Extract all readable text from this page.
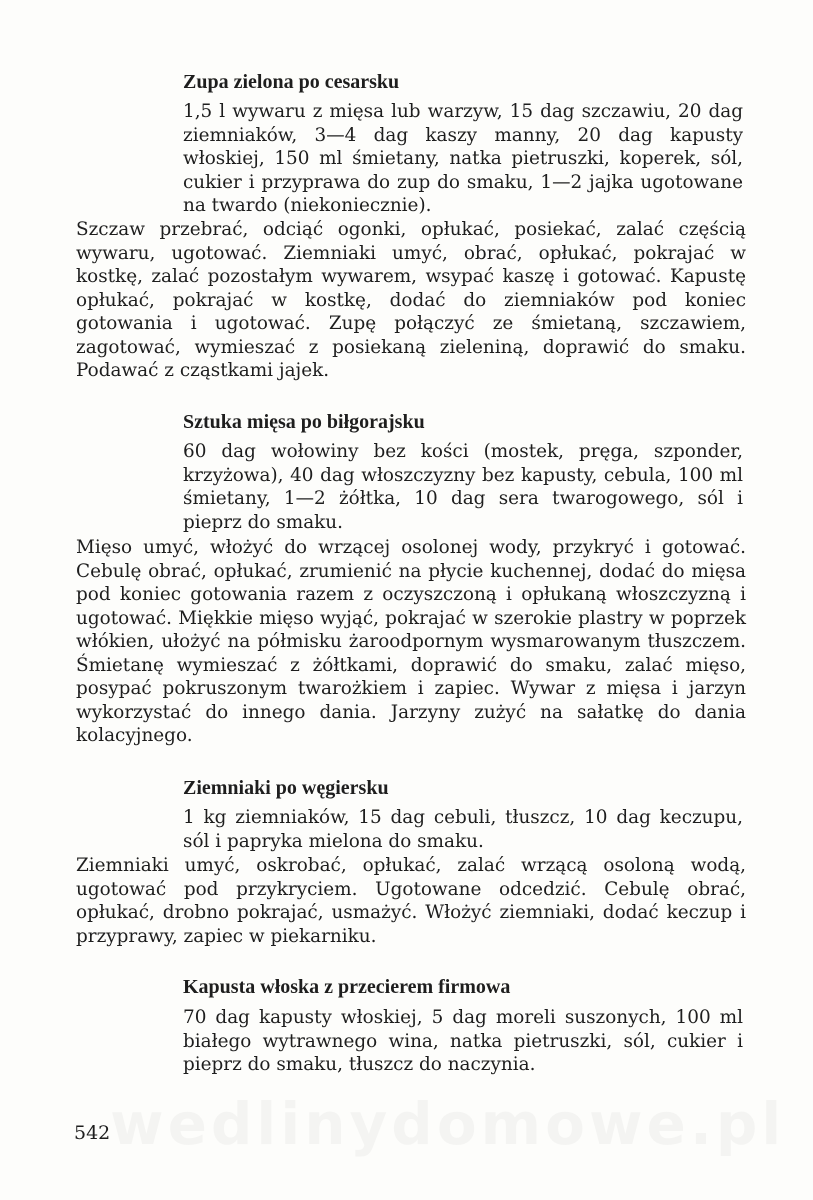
Zupa zielona po cesarsku

1,5 l wywaru z mięsa lub warzyw, 15 dag szczawiu, 20 dag ziemniaków, 3—4 dag kaszy manny, 20 dag kapusty włoskiej, 150 ml śmietany, natka pietruszki, koperek, sól, cukier i przyprawa do zup do smaku, 1—2 jajka ugotowane na twardo (niekoniecznie).

Szczaw przebrać, odciąć ogonki, opłukać, posiekać, zalać częścią wywaru, ugotować. Ziemniaki umyć, obrać, opłukać, pokrajać w kostkę, zalać pozostałym wywarem, wsypać kaszę i gotować. Kapustę opłukać, pokrajać w kostkę, dodać do ziemniaków pod koniec gotowania i ugotować. Zupę połączyć ze śmietaną, szczawiem, zagotować, wymieszać z posiekaną zieleniną, doprawić do smaku. Podawać z cząstkami jajek.

Sztuka mięsa po biłgorajsku

60 dag wołowiny bez kości (mostek, pręga, szponder, krzyżowa), 40 dag włoszczyzny bez kapusty, cebula, 100 ml śmietany, 1—2 żółtka, 10 dag sera twarogowego, sól i pieprz do smaku.

Mięso umyć, włożyć do wrzącej osolonej wody, przykryć i gotować. Cebulę obrać, opłukać, zrumienić na płycie kuchennej, dodać do mięsa pod koniec gotowania razem z oczyszczoną i opłukaną włoszczyzną i ugotować. Miękkie mięso wyjąć, pokrajać w szerokie plastry w poprzek włókien, ułożyć na półmisku żaroodpornym wysmarowanym tłuszczem. Śmietanę wymieszać z żółtkami, doprawić do smaku, zalać mięso, posypać pokruszonym twarożkiem i zapiec. Wywar z mięsa i jarzyn wykorzystać do innego dania. Jarzyny zużyć na sałatkę do dania kolacyjnego.

Ziemniaki po węgiersku

1 kg ziemniaków, 15 dag cebuli, tłuszcz, 10 dag keczupu, sól i papryka mielona do smaku.

Ziemniaki umyć, oskrobać, opłukać, zalać wrzącą osoloną wodą, ugotować pod przykryciem. Ugotowane odcedzić. Cebulę obrać, opłukać, drobno pokrajać, usmażyć. Włożyć ziemniaki, dodać keczup i przyprawy, zapiec w piekarniku.

Kapusta włoska z przecierem firmowa

70 dag kapusty włoskiej, 5 dag moreli suszonych, 100 ml białego wytrawnego wina, natka pietruszki, sól, cukier i pieprz do smaku, tłuszcz do naczynia.

542
